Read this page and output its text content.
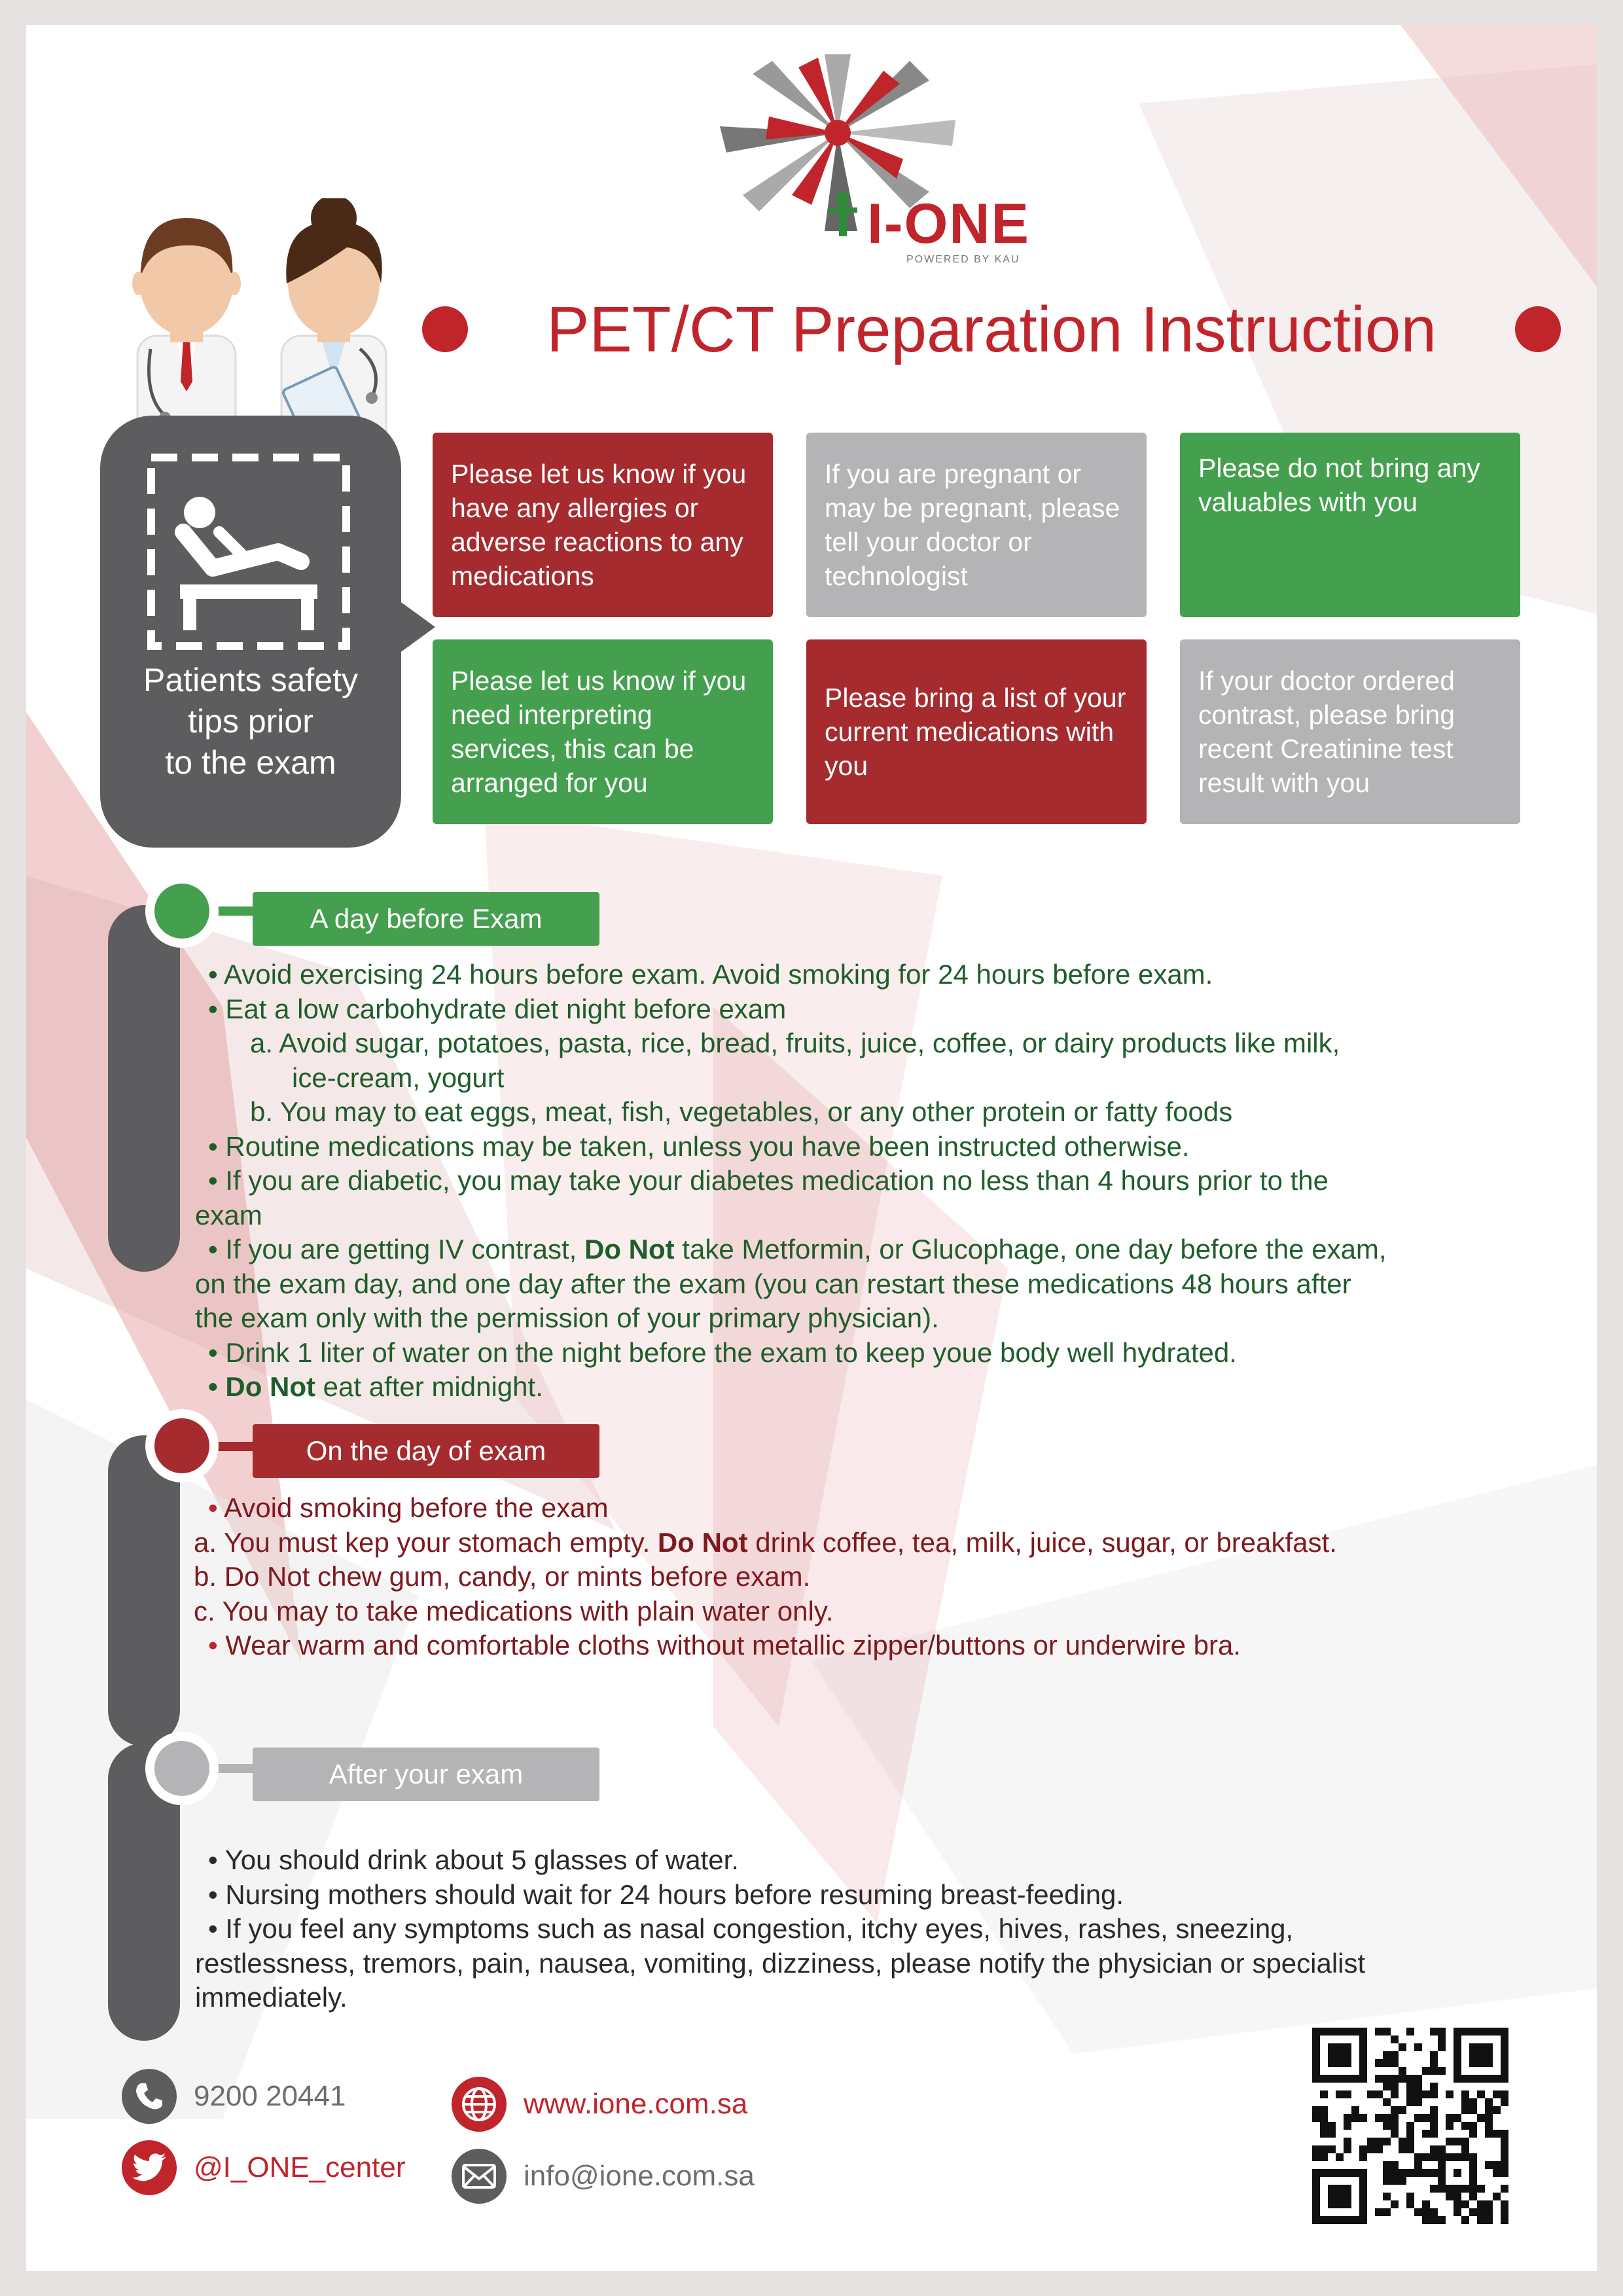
I-ONE
POWERED BY KAU
PET/CT Preparation Instruction
Patients safety
tips prior
to the exam
Please let us know if you have any allergies or adverse reactions to any medications
If you are pregnant or may be pregnant, please tell your doctor or technologist
Please do not bring any valuables with you
Please let us know if you need interpreting services, this can be arranged for you
Please bring a list of your current medications with you
If your doctor ordered contrast, please bring recent Creatinine test result with you
A day before Exam

• Avoid exercising 24 hours before exam. Avoid smoking for 24 hours before exam.

• Eat a low carbohydrate diet night before exam

a. Avoid sugar, potatoes, pasta, rice, bread, fruits, juice, coffee, or dairy products like milk,

ice-cream, yogurt

b. You may to eat eggs, meat, fish, vegetables, or any other protein or fatty foods

• Routine medications may be taken, unless you have been instructed otherwise.

• If you are diabetic, you may take your diabetes medication no less than 4 hours prior to the

exam

• If you are getting IV contrast, Do Not take Metformin, or Glucophage, one day before the exam,

on the exam day, and one day after the exam (you can restart these medications 48 hours after

the exam only with the permission of your primary physician).

• Drink 1 liter of water on the night before the exam to keep youe body well hydrated.

• Do Not eat after midnight.

On the day of exam

• Avoid smoking before the exam

a. You must kep your stomach empty. Do Not drink coffee, tea, milk, juice, sugar, or breakfast.

b. Do Not chew gum, candy, or mints before exam.

c. You may to take medications with plain water only.

• Wear warm and comfortable cloths without metallic zipper/buttons or underwire bra.

After your exam

• You should drink about 5 glasses of water.

• Nursing mothers should wait for 24 hours before resuming breast-feeding.

• If you feel any symptoms such as nasal congestion, itchy eyes, hives, rashes, sneezing,

restlessness, tremors, pain, nausea, vomiting, dizziness, please notify the physician or specialist

immediately.

9200 20441
@I_ONE_center
www.ione.com.sa
info@ione.com.sa
